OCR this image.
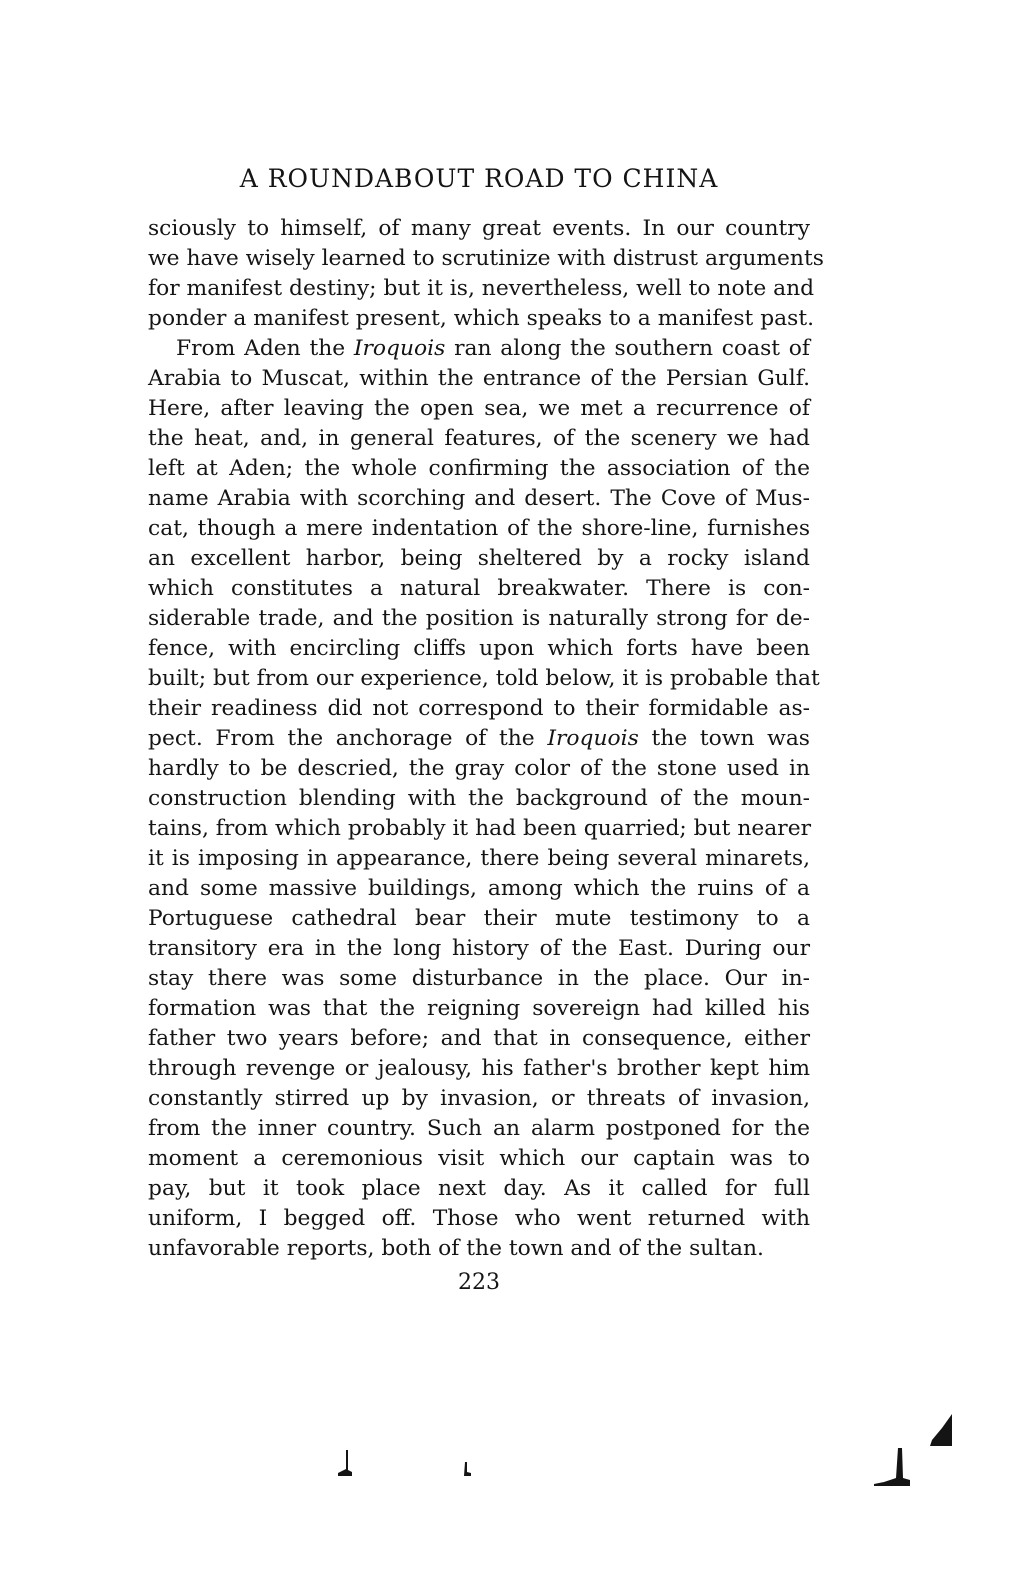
A ROUNDABOUT ROAD TO CHINA
sciously to himself, of many great events. In our country
we have wisely learned to scrutinize with distrust arguments
for manifest destiny; but it is, nevertheless, well to note and
ponder a manifest present, which speaks to a manifest past.
From Aden the Iroquois ran along the southern coast of
Arabia to Muscat, within the entrance of the Persian Gulf.
Here, after leaving the open sea, we met a recurrence of
the heat, and, in general features, of the scenery we had
left at Aden; the whole confirming the association of the
name Arabia with scorching and desert. The Cove of Mus-
cat, though a mere indentation of the shore-line, furnishes
an excellent harbor, being sheltered by a rocky island
which constitutes a natural breakwater. There is con-
siderable trade, and the position is naturally strong for de-
fence, with encircling cliffs upon which forts have been
built; but from our experience, told below, it is probable that
their readiness did not correspond to their formidable as-
pect. From the anchorage of the Iroquois the town was
hardly to be descried, the gray color of the stone used in
construction blending with the background of the moun-
tains, from which probably it had been quarried; but nearer
it is imposing in appearance, there being several minarets,
and some massive buildings, among which the ruins of a
Portuguese cathedral bear their mute testimony to a
transitory era in the long history of the East. During our
stay there was some disturbance in the place. Our in-
formation was that the reigning sovereign had killed his
father two years before; and that in consequence, either
through revenge or jealousy, his father's brother kept him
constantly stirred up by invasion, or threats of invasion,
from the inner country. Such an alarm postponed for the
moment a ceremonious visit which our captain was to
pay, but it took place next day. As it called for full
uniform, I begged off. Those who went returned with
unfavorable reports, both of the town and of the sultan.
223
